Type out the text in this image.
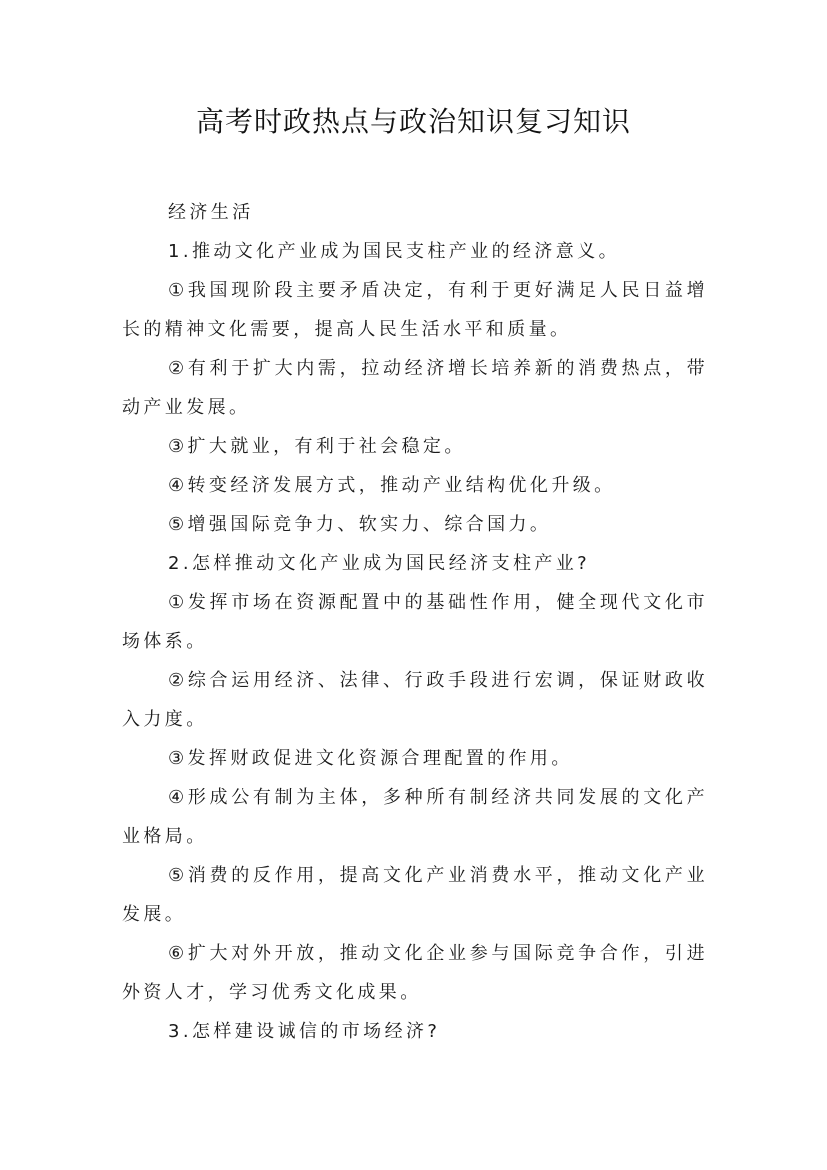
高考时政热点与政治知识复习知识

经济生活

1.推动文化产业成为国民支柱产业的经济意义。

①我国现阶段主要矛盾决定，有利于更好满足人民日益增长的精神文化需要，提高人民生活水平和质量。

②有利于扩大内需，拉动经济增长培养新的消费热点，带动产业发展。

③扩大就业，有利于社会稳定。

④转变经济发展方式，推动产业结构优化升级。

⑤增强国际竞争力、软实力、综合国力。

2.怎样推动文化产业成为国民经济支柱产业?

①发挥市场在资源配置中的基础性作用，健全现代文化市场体系。

②综合运用经济、法律、行政手段进行宏调，保证财政收入力度。

③发挥财政促进文化资源合理配置的作用。

④形成公有制为主体，多种所有制经济共同发展的文化产业格局。

⑤消费的反作用，提高文化产业消费水平，推动文化产业发展。

⑥扩大对外开放，推动文化企业参与国际竞争合作，引进外资人才，学习优秀文化成果。

3.怎样建设诚信的市场经济?
